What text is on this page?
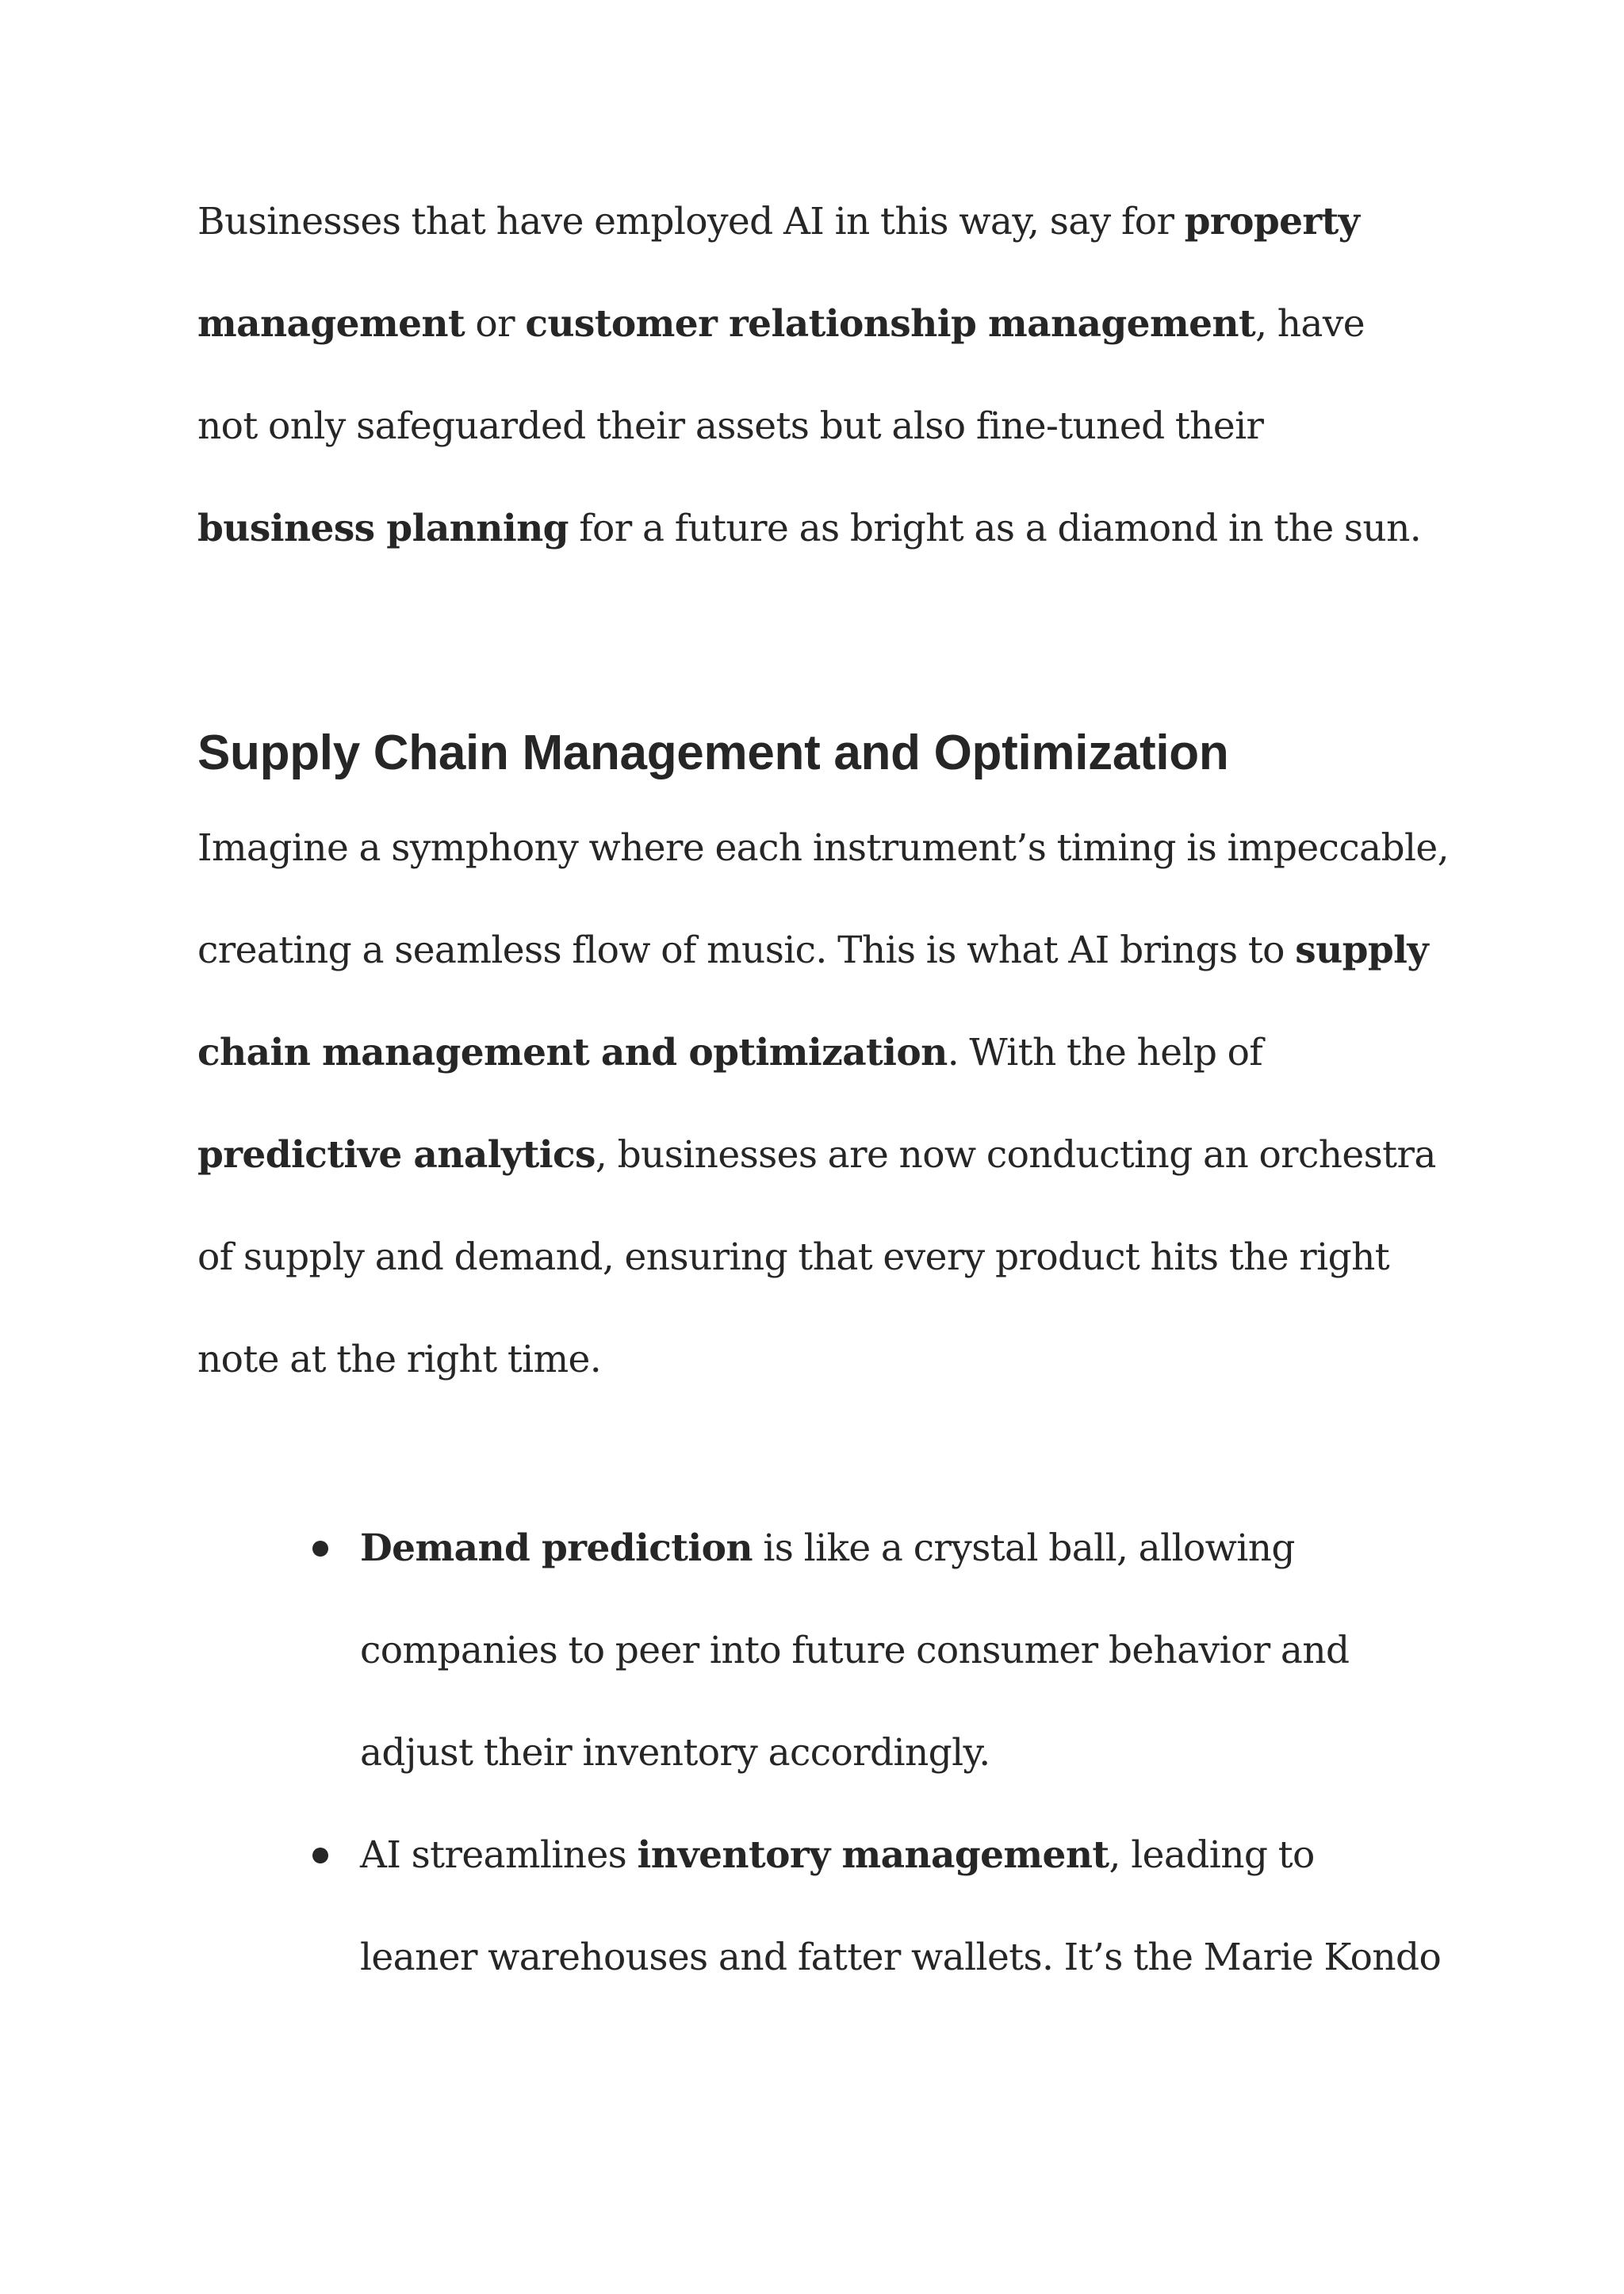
Businesses that have employed AI in this way, say for property
management or customer relationship management, have
not only safeguarded their assets but also fine-tuned their
business planning for a future as bright as a diamond in the sun.

Supply Chain Management and Optimization

Imagine a symphony where each instrument’s timing is impeccable,
creating a seamless flow of music. This is what AI brings to supply
chain management and optimization. With the help of
predictive analytics, businesses are now conducting an orchestra
of supply and demand, ensuring that every product hits the right
note at the right time.

Demand prediction is like a crystal ball, allowing
companies to peer into future consumer behavior and
adjust their inventory accordingly.
AI streamlines inventory management, leading to
leaner warehouses and fatter wallets. It’s the Marie Kondo
